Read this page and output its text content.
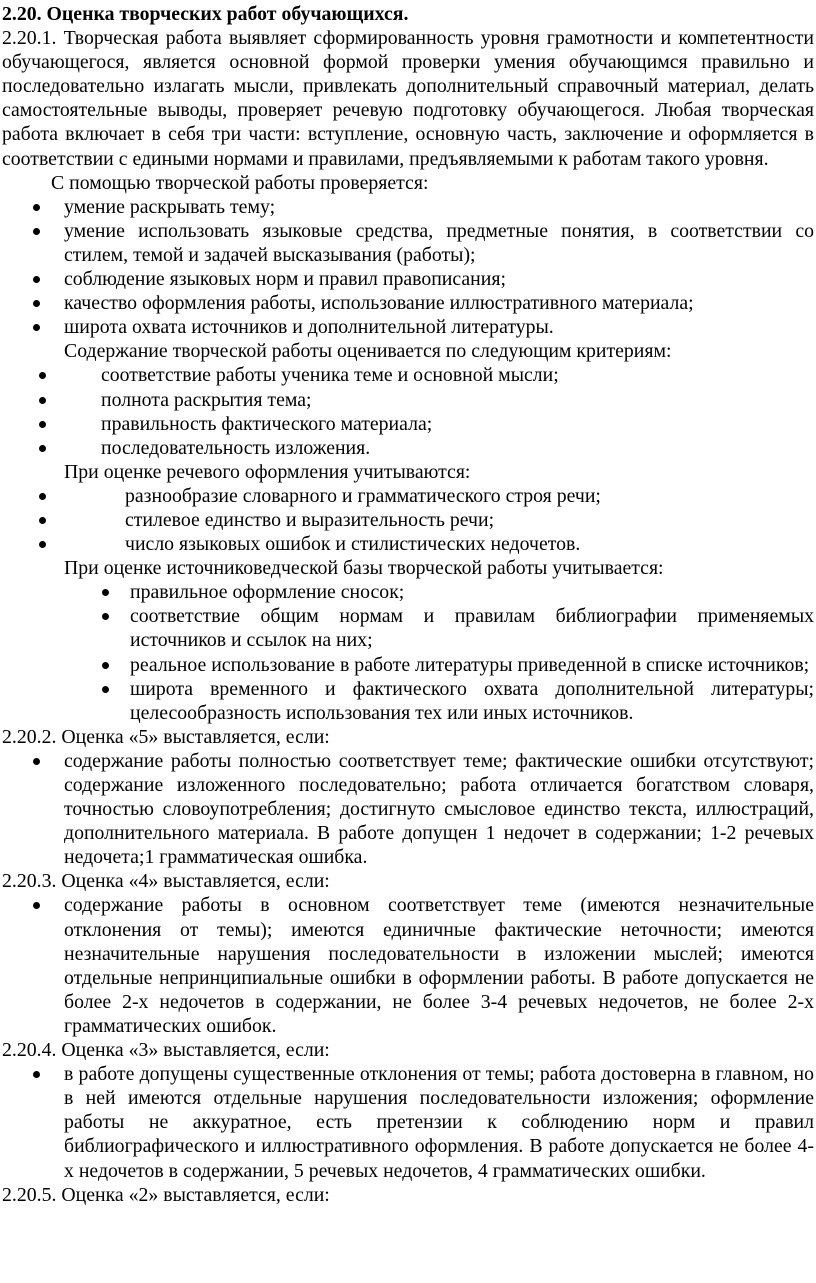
2.20. Оценка творческих работ обучающихся.

2.20.1. Творческая работа выявляет сформированность уровня грамотности и компетентности обучающегося, является основной формой проверки умения обучающимся правильно и последовательно излагать мысли, привлекать дополнительный справочный материал, делать самостоятельные выводы, проверяет речевую подготовку обучающегося. Любая творческая работа включает в себя три части: вступление, основную часть, заключение и оформляется в соответствии с едиными нормами и правилами, предъявляемыми к работам такого уровня.

С помощью творческой работы проверяется:

умение раскрывать тему;
умение использовать языковые средства, предметные понятия, в соответствии со стилем, темой и задачей высказывания (работы);
соблюдение языковых норм и правил правописания;
качество оформления работы, использование иллюстративного материала;
широта охвата источников и дополнительной литературы.

Содержание творческой работы оценивается по следующим критериям:

соответствие работы ученика теме и основной мысли;
полнота раскрытия тема;
правильность фактического материала;
последовательность изложения.

При оценке речевого оформления учитываются:

разнообразие словарного и грамматического строя речи;
стилевое единство и выразительность речи;
число языковых ошибок и стилистических недочетов.

При оценке источниковедческой базы творческой работы учитывается:

правильное оформление сносок;
соответствие общим нормам и правилам библиографии применяемых источников и ссылок на них;
реальное использование в работе литературы приведенной в списке источников;
широта временного и фактического охвата дополнительной литературы; целесообразность использования тех или иных источников.

2.20.2. Оценка «5» выставляется, если:

содержание работы полностью соответствует теме; фактические ошибки отсутствуют; содержание изложенного последовательно; работа отличается богатством словаря, точностью словоупотребления; достигнуто смысловое единство текста, иллюстраций, дополнительного материала. В работе допущен 1 недочет в содержании; 1-2 речевых недочета;1 грамматическая ошибка.

2.20.3. Оценка «4» выставляется, если:

содержание работы в основном соответствует теме (имеются незначительные отклонения от темы); имеются единичные фактические неточности; имеются незначительные нарушения последовательности в изложении мыслей; имеются отдельные непринципиальные ошибки в оформлении работы. В работе допускается не более 2-х недочетов в содержании, не более 3-4 речевых недочетов, не более 2-х грамматических ошибок.

2.20.4. Оценка «3» выставляется, если:

в работе допущены существенные отклонения от темы; работа достоверна в главном, но в ней имеются отдельные нарушения последовательности изложения; оформление работы не аккуратное, есть претензии к соблюдению норм и правил библиографического и иллюстративного оформления. В работе допускается не более 4-х недочетов в содержании, 5 речевых недочетов, 4 грамматических ошибки.

2.20.5. Оценка «2» выставляется, если:
